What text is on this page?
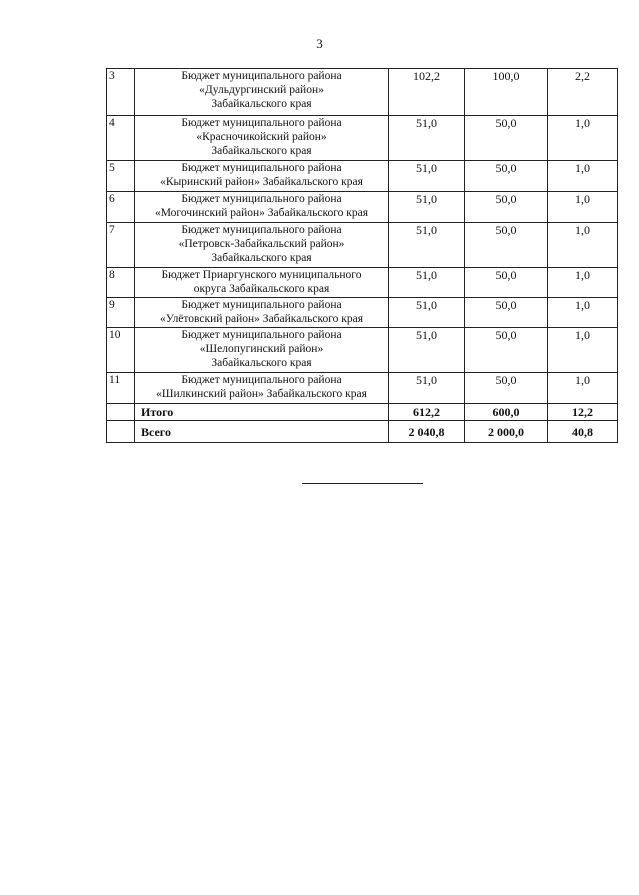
3
3	Бюджет муниципального района
«Дульдургинский район»
Забайкальского края	102,2	100,0	2,2
4	Бюджет муниципального района
«Красночикойский район»
Забайкальского края	51,0	50,0	1,0
5	Бюджет муниципального района
«Кыринский район» Забайкальского края	51,0	50,0	1,0
6	Бюджет муниципального района
«Могочинский район» Забайкальского края	51,0	50,0	1,0
7	Бюджет муниципального района
«Петровск-Забайкальский район»
Забайкальского края	51,0	50,0	1,0
8	Бюджет Приаргунского муниципального
округа Забайкальского края	51,0	50,0	1,0
9	Бюджет муниципального района
«Улётовский район» Забайкальского края	51,0	50,0	1,0
10	Бюджет муниципального района
«Шелопугинский район»
Забайкальского края	51,0	50,0	1,0
11	Бюджет муниципального района
«Шилкинский район» Забайкальского края	51,0	50,0	1,0
	Итого	612,2	600,0	12,2
	Всего	2 040,8	2 000,0	40,8
